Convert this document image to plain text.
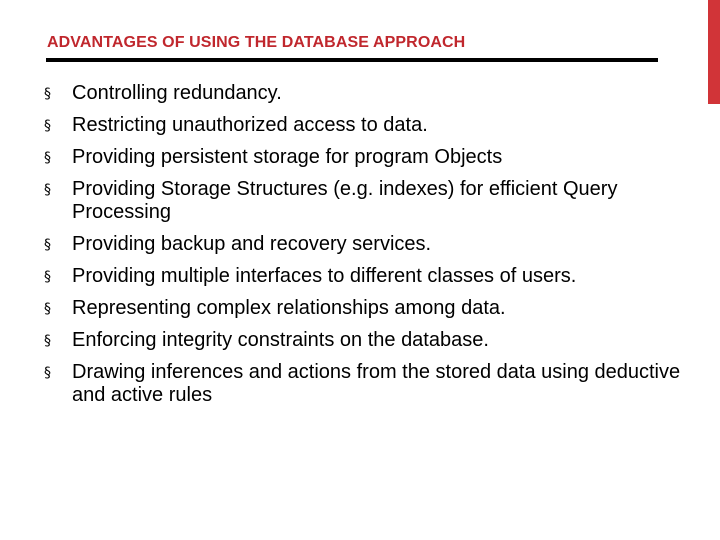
ADVANTAGES OF USING THE DATABASE APPROACH
§	Controlling redundancy.
§	Restricting unauthorized access to data.
§	Providing persistent storage for program Objects
§	Providing Storage Structures (e.g. indexes) for efficient Query Processing
§	Providing backup and recovery services.
§	Providing multiple interfaces to different classes of users.
§	Representing complex relationships among data.
§	Enforcing integrity constraints on the database.
§	Drawing inferences and actions from the stored data using deductive and active rules
